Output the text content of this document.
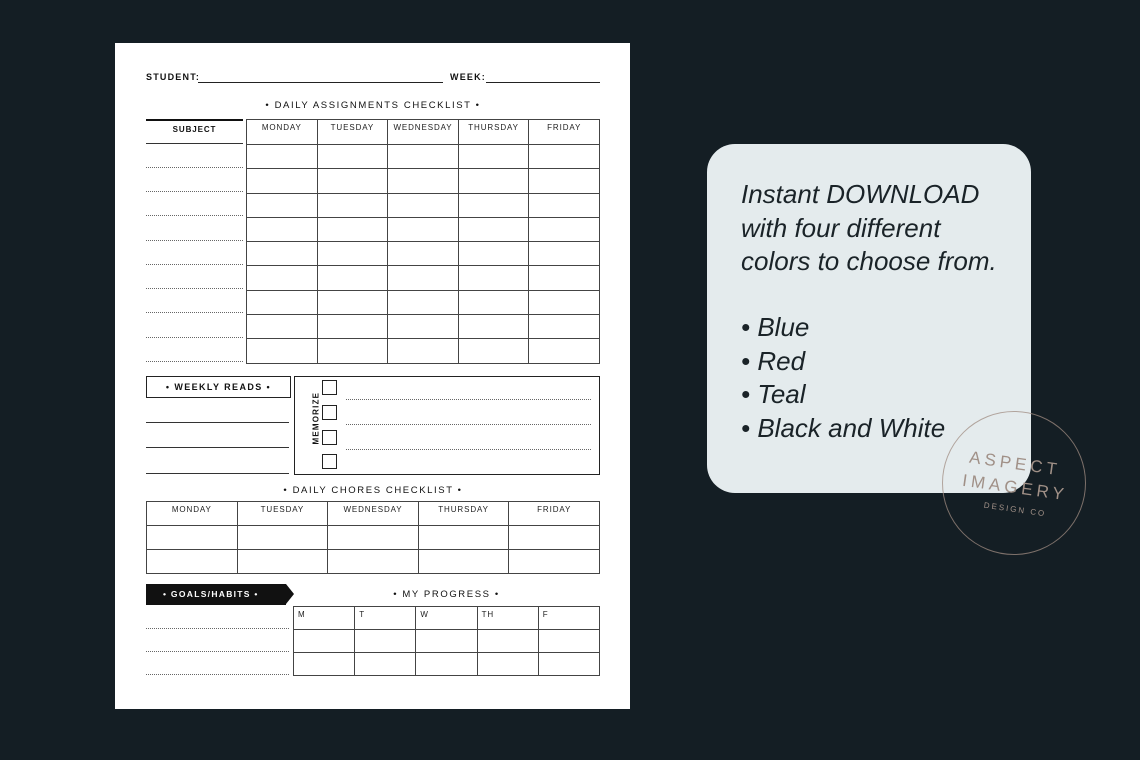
STUDENT:	WEEK:
• DAILY ASSIGNMENTS CHECKLIST •
SUBJECT	MONDAY	TUESDAY	WEDNESDAY	THURSDAY	FRIDAY

• WEEKLY READS •
MEMORIZE
• DAILY CHORES CHECKLIST •
MONDAY	TUESDAY	WEDNESDAY	THURSDAY	FRIDAY

• GOALS/HABITS •	• MY PROGRESS •
M	T	W	TH	F

Instant DOWNLOAD
with four different
colors to choose from.
• Blue
• Red
• Teal
• Black and White
ASPECT
IMAGERY
DESIGN CO
